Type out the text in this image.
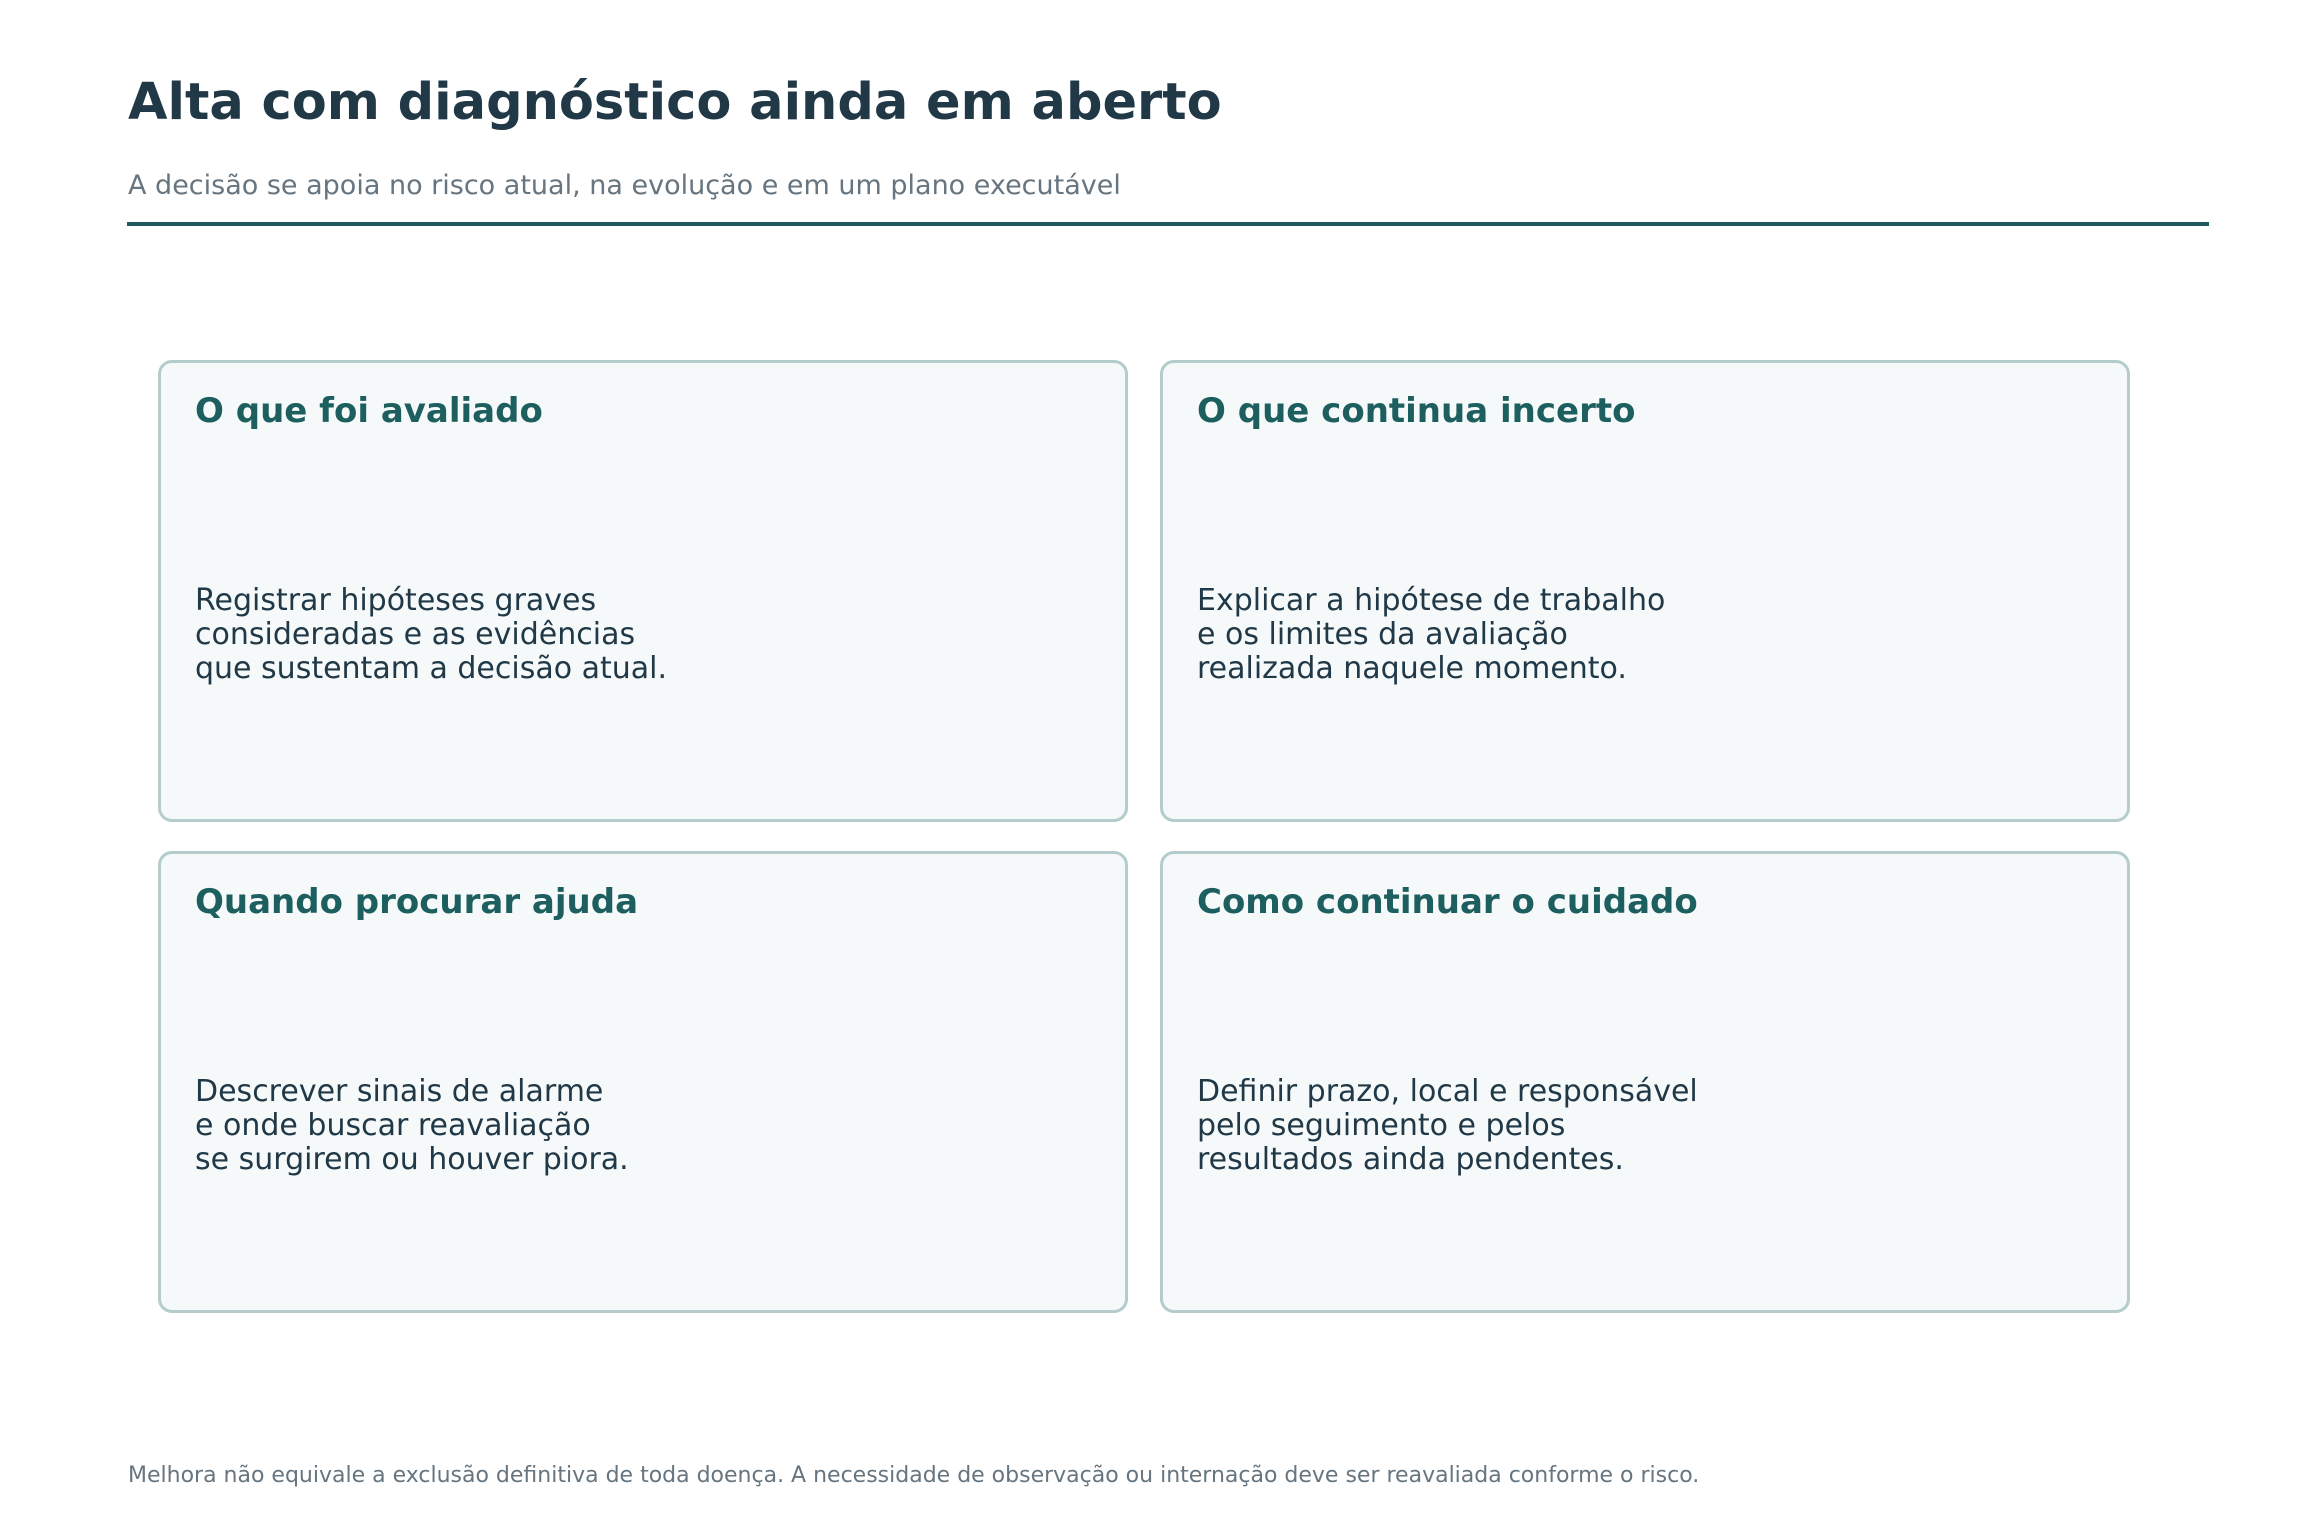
Alta com diagnóstico ainda em aberto

A decisão se apoia no risco atual, na evolução e em um plano executável

O que foi avaliado

Registrar hipóteses graves
consideradas e as evidências
que sustentam a decisão atual.

O que continua incerto

Explicar a hipótese de trabalho
e os limites da avaliação
realizada naquele momento.

Quando procurar ajuda

Descrever sinais de alarme
e onde buscar reavaliação
se surgirem ou houver piora.

Como continuar o cuidado

Definir prazo, local e responsável
pelo seguimento e pelos
resultados ainda pendentes.

Melhora não equivale a exclusão definitiva de toda doença. A necessidade de observação ou internação deve ser reavaliada conforme o risco.
